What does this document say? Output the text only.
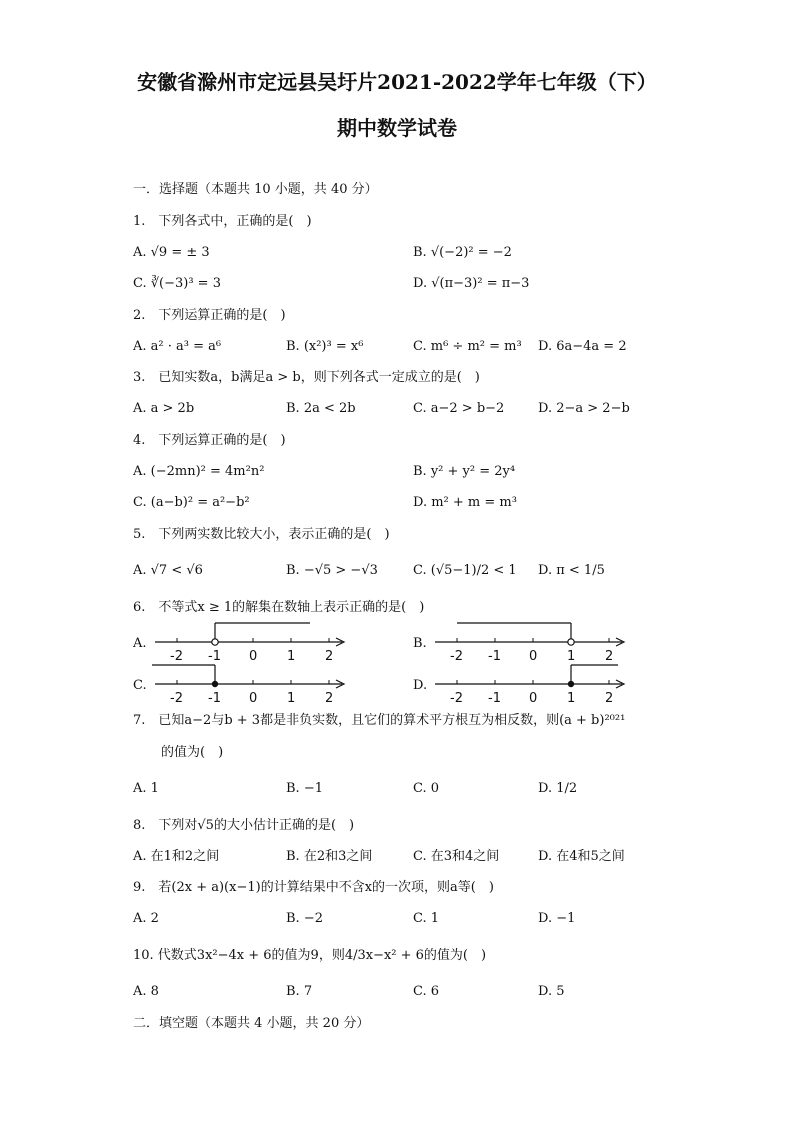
安徽省滁州市定远县吴圩片2021-2022学年七年级（下）
期中数学试卷
一．选择题（本题共 10 小题，共 40 分）
1.　下列各式中，正确的是(　)
A. √9 = ± 3	B. √(−2)² = −2
C. ∛(−3)³ = 3	D. √(π−3)² = π−3
2.　下列运算正确的是(　)
A. a² · a³ = a⁶	B. (x²)³ = x⁶	C. m⁶ ÷ m² = m³ D. 6a−4a = 2
3.　已知实数a，b满足a > b，则下列各式一定成立的是(　)
A. a > 2b	B. 2a < 2b	C. a−2 > b−2	D. 2−a > 2−b
4.　下列运算正确的是(　)
A. (−2mn)² = 4m²n²	B. y² + y² = 2y⁴
C. (a−b)² = a²−b²	D. m² + m = m³
5.　下列两实数比较大小，表示正确的是(　)
A. √7 < √6	B. −√5 > −√3	C. (√5−1)/2 < 1 D. π < 1/5
6.　不等式x ≥ 1的解集在数轴上表示正确的是(　)
A.
-2 -1 0 1 2
B.
-2 -1 0 1 2
C.
-2 -1 0 1 2
D.
-2 -1 0 1 2
7.　已知a−2与b + 3都是非负实数，且它们的算术平方根互为相反数，则(a + b)²⁰²¹
的值为(　)
A. 1	B. −1	C. 0	D. 1/2
8.　下列对√5的大小估计正确的是(　)
A. 在1和2之间	B. 在2和3之间	C. 在3和4之间	D. 在4和5之间
9.　若(2x + a)(x−1)的计算结果中不含x的一次项，则a等(　)
A. 2	B. −2	C. 1	D. −1
10. 代数式3x²−4x + 6的值为9，则4/3x−x² + 6的值为(　)
A. 8	B. 7	C. 6	D. 5
二．填空题（本题共 4 小题，共 20 分）
